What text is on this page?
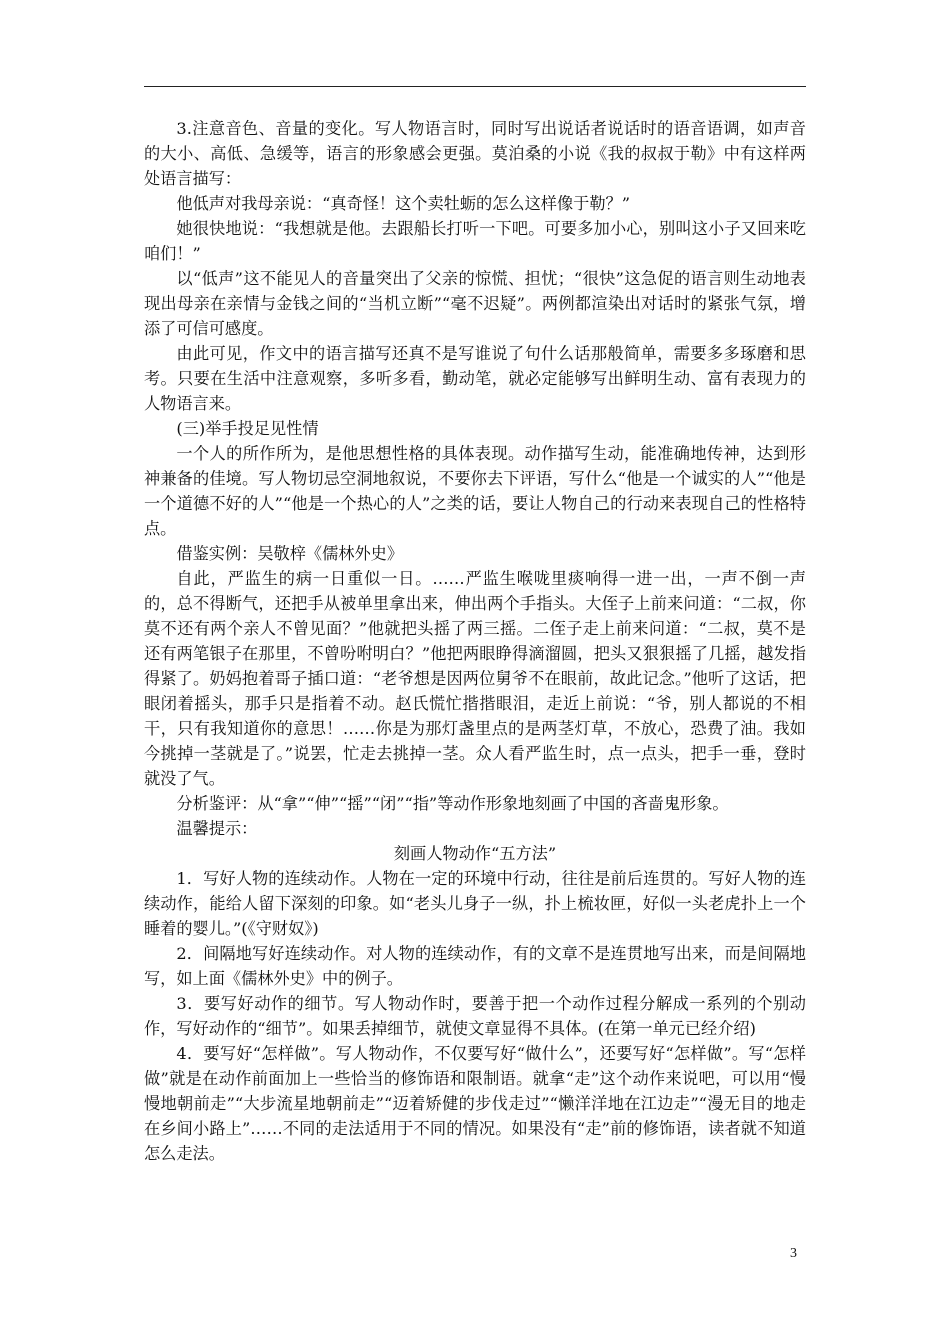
3.注意音色、音量的变化。写人物语言时，同时写出说话者说话时的语音语调，如声音的大小、高低、急缓等，语言的形象感会更强。莫泊桑的小说《我的叔叔于勒》中有这样两处语言描写：

他低声对我母亲说：“真奇怪！这个卖牡蛎的怎么这样像于勒？”

她很快地说：“我想就是他。去跟船长打听一下吧。可要多加小心，别叫这小子又回来吃咱们！”

以“低声”这不能见人的音量突出了父亲的惊慌、担忧；“很快”这急促的语言则生动地表现出母亲在亲情与金钱之间的“当机立断”“毫不迟疑”。两例都渲染出对话时的紧张气氛，增添了可信可感度。

由此可见，作文中的语言描写还真不是写谁说了句什么话那般简单，需要多多琢磨和思考。只要在生活中注意观察，多听多看，勤动笔，就必定能够写出鲜明生动、富有表现力的人物语言来。

(三)举手投足见性情

一个人的所作所为，是他思想性格的具体表现。动作描写生动，能准确地传神，达到形神兼备的佳境。写人物切忌空洞地叙说，不要你去下评语，写什么“他是一个诚实的人”“他是一个道德不好的人”“他是一个热心的人”之类的话，要让人物自己的行动来表现自己的性格特点。

借鉴实例：吴敬梓《儒林外史》

自此，严监生的病一日重似一日。……严监生喉咙里痰响得一进一出，一声不倒一声的，总不得断气，还把手从被单里拿出来，伸出两个手指头。大侄子上前来问道：“二叔，你莫不还有两个亲人不曾见面？”他就把头摇了两三摇。二侄子走上前来问道：“二叔，莫不是还有两笔银子在那里，不曾吩咐明白？”他把两眼睁得滴溜圆，把头又狠狠摇了几摇，越发指得紧了。奶妈抱着哥子插口道：“老爷想是因两位舅爷不在眼前，故此记念。”他听了这话，把眼闭着摇头，那手只是指着不动。赵氏慌忙揩揩眼泪，走近上前说：“爷，别人都说的不相干，只有我知道你的意思！……你是为那灯盏里点的是两茎灯草，不放心，恐费了油。我如今挑掉一茎就是了。”说罢，忙走去挑掉一茎。众人看严监生时，点一点头，把手一垂，登时就没了气。

分析鉴评：从“拿”“伸”“摇”“闭”“指”等动作形象地刻画了中国的吝啬鬼形象。

温馨提示：

刻画人物动作“五方法”

1．写好人物的连续动作。人物在一定的环境中行动，往往是前后连贯的。写好人物的连续动作，能给人留下深刻的印象。如“老头儿身子一纵，扑上梳妆匣，好似一头老虎扑上一个睡着的婴儿。”(《守财奴》)

2．间隔地写好连续动作。对人物的连续动作，有的文章不是连贯地写出来，而是间隔地写，如上面《儒林外史》中的例子。

3．要写好动作的细节。写人物动作时，要善于把一个动作过程分解成一系列的个别动作，写好动作的“细节”。如果丢掉细节，就使文章显得不具体。(在第一单元已经介绍)

4．要写好“怎样做”。写人物动作，不仅要写好“做什么”，还要写好“怎样做”。写“怎样做”就是在动作前面加上一些恰当的修饰语和限制语。就拿“走”这个动作来说吧，可以用“慢慢地朝前走”“大步流星地朝前走”“迈着矫健的步伐走过”“懒洋洋地在江边走”“漫无目的地走在乡间小路上”……不同的走法适用于不同的情况。如果没有“走”前的修饰语，读者就不知道怎么走法。

3
